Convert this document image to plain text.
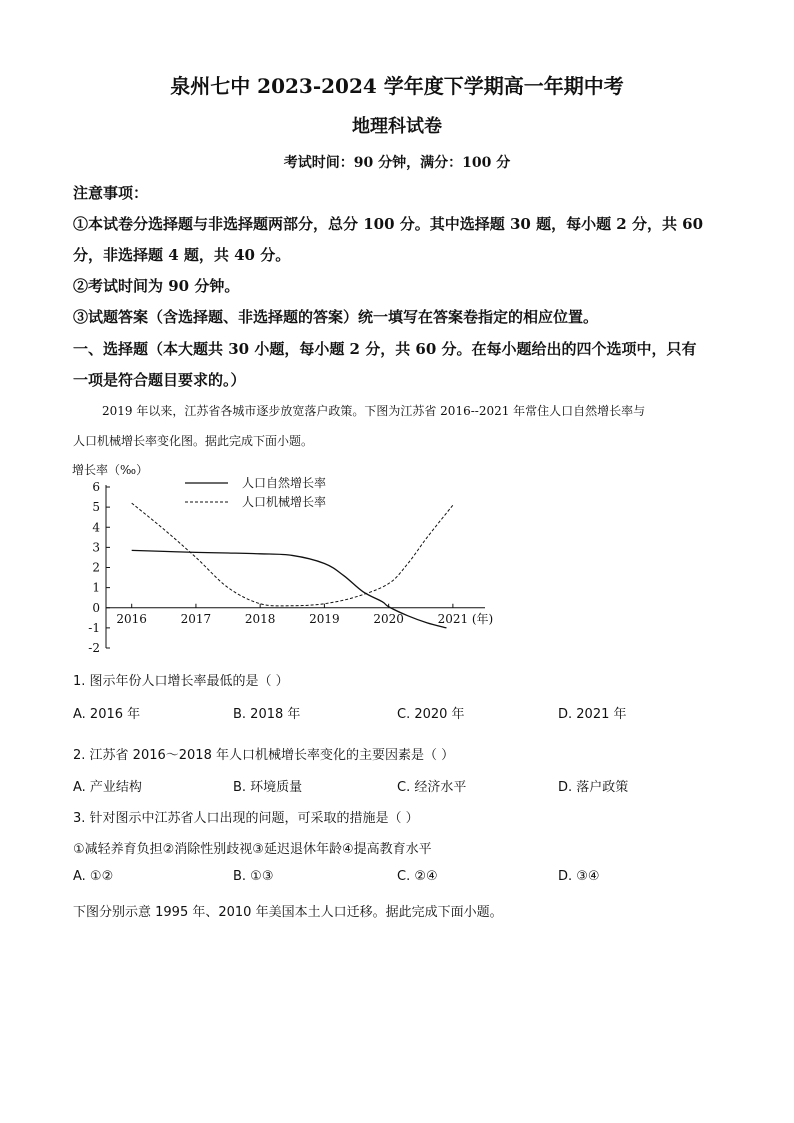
泉州七中 2023-2024 学年度下学期高一年期中考
地理科试卷
考试时间：90 分钟，满分：100 分
注意事项：
①本试卷分选择题与非选择题两部分，总分 100 分。其中选择题 30 题，每小题 2 分，共 60
分，非选择题 4 题，共 40 分。
②考试时间为 90 分钟。
③试题答案（含选择题、非选择题的答案）统一填写在答案卷指定的相应位置。
一、选择题（本大题共 30 小题，每小题 2 分，共 60 分。在每小题给出的四个选项中，只有
一项是符合题目要求的。）
2019 年以来，江苏省各城市逐步放宽落户政策。下图为江苏省 2016--2021 年常住人口自然增长率与
人口机械增长率变化图。据此完成下面小题。
增长率（‰）
6
5
4
3
2
1
0
-1
-2
2016	2017	2018	2019	2020	2021 (年)
人口自然增长率
人口机械增长率
1. 图示年份人口增长率最低的是（ ）
A. 2016 年	B. 2018 年	C. 2020 年	D. 2021 年
2. 江苏省 2016～2018 年人口机械增长率变化的主要因素是（ ）
A. 产业结构	B. 环境质量	C. 经济水平	D. 落户政策
3. 针对图示中江苏省人口出现的问题，可采取的措施是（ ）
①减轻养育负担②消除性别歧视③延迟退休年龄④提高教育水平
A. ①②	B. ①③	C. ②④	D. ③④
下图分别示意 1995 年、2010 年美国本土人口迁移。据此完成下面小题。
